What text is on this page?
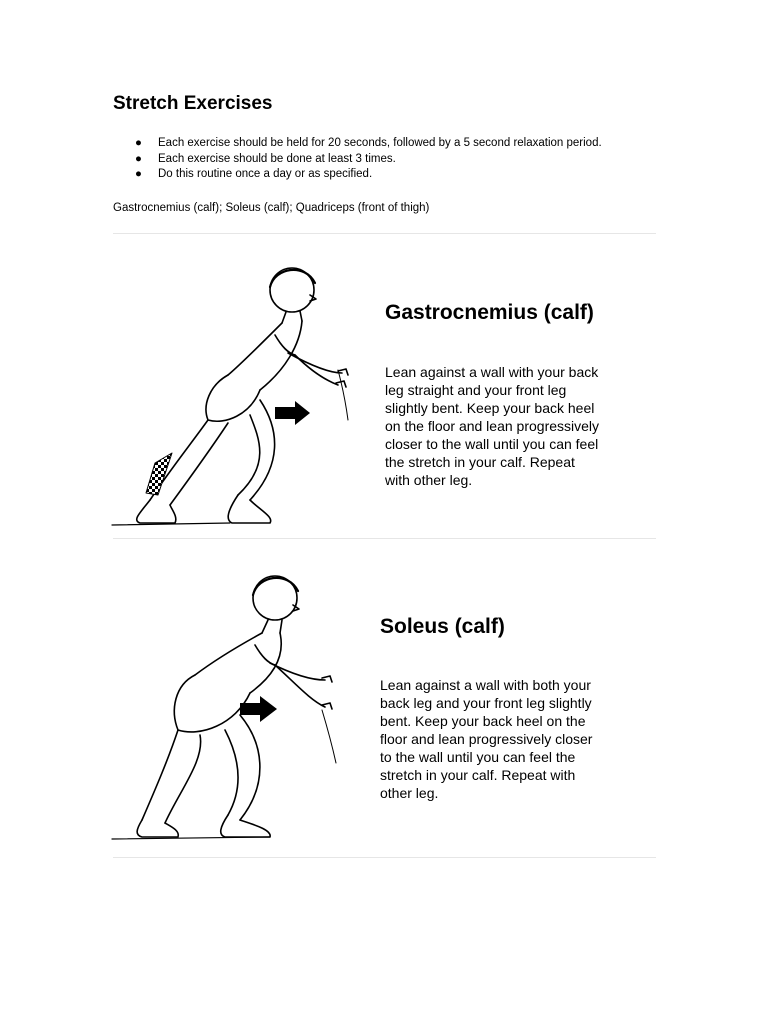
Stretch Exercises
● Each exercise should be held for 20 seconds, followed by a 5 second relaxation period.
● Each exercise should be done at least 3 times.
● Do this routine once a day or as specified.

Gastrocnemius (calf); Soleus (calf); Quadriceps (front of thigh)

Gastrocnemius (calf)

Lean against a wall with your back
leg straight and your front leg
slightly bent. Keep your back heel
on the floor and lean progressively
closer to the wall until you can feel
the stretch in your calf. Repeat
with other leg.

Soleus (calf)

Lean against a wall with both your
back leg and your front leg slightly
bent. Keep your back heel on the
floor and lean progressively closer
to the wall until you can feel the
stretch in your calf. Repeat with
other leg.
